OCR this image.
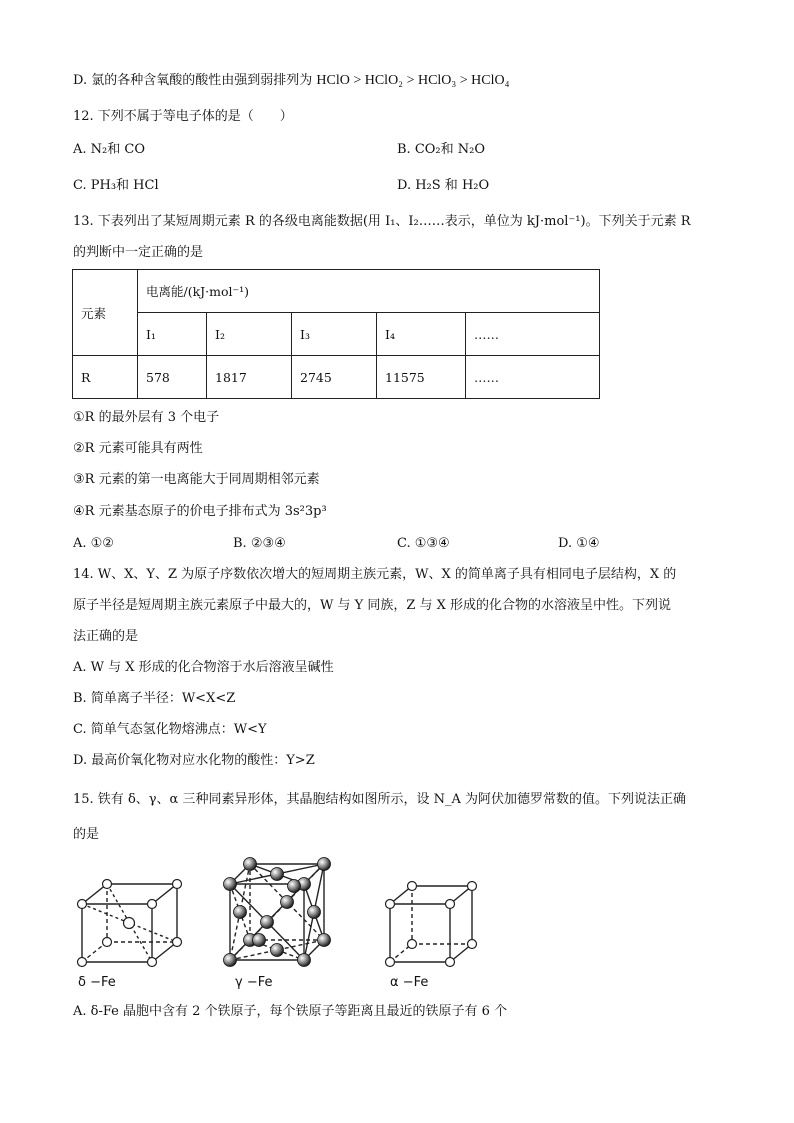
D. 氯的各种含氧酸的酸性由强到弱排列为 HClO > HClO₂ > HClO₃ > HClO₄
12. 下列不属于等电子体的是（　　）
A. N₂和 CO	B. CO₂和 N₂O
C. PH₃和 HCl	D. H₂S 和 H₂O
13. 下表列出了某短周期元素 R 的各级电离能数据(用 I₁、I₂……表示，单位为 kJ·mol⁻¹)。下列关于元素 R
的判断中一定正确的是
元素	电离能/(kJ·mol⁻¹)				
	I₁	I₂	I₃	I₄	……
R	578	1817	2745	11575	……
①R 的最外层有 3 个电子
②R 元素可能具有两性
③R 元素的第一电离能大于同周期相邻元素
④R 元素基态原子的价电子排布式为 3s²3p³
A. ①②	B. ②③④	C. ①③④	D. ①④
14. W、X、Y、Z 为原子序数依次增大的短周期主族元素，W、X 的简单离子具有相同电子层结构，X 的
原子半径是短周期主族元素原子中最大的，W 与 Y 同族，Z 与 X 形成的化合物的水溶液呈中性。下列说
法正确的是
A. W 与 X 形成的化合物溶于水后溶液呈碱性
B. 简单离子半径：W<X<Z
C. 简单气态氢化物熔沸点：W<Y
D. 最高价氧化物对应水化物的酸性：Y>Z
15. 铁有 δ、γ、α 三种同素异形体，其晶胞结构如图所示，设 N_A 为阿伏加德罗常数的值。下列说法正确
的是
δ −Fe	γ −Fe	α −Fe
A. δ-Fe 晶胞中含有 2 个铁原子，每个铁原子等距离且最近的铁原子有 6 个
